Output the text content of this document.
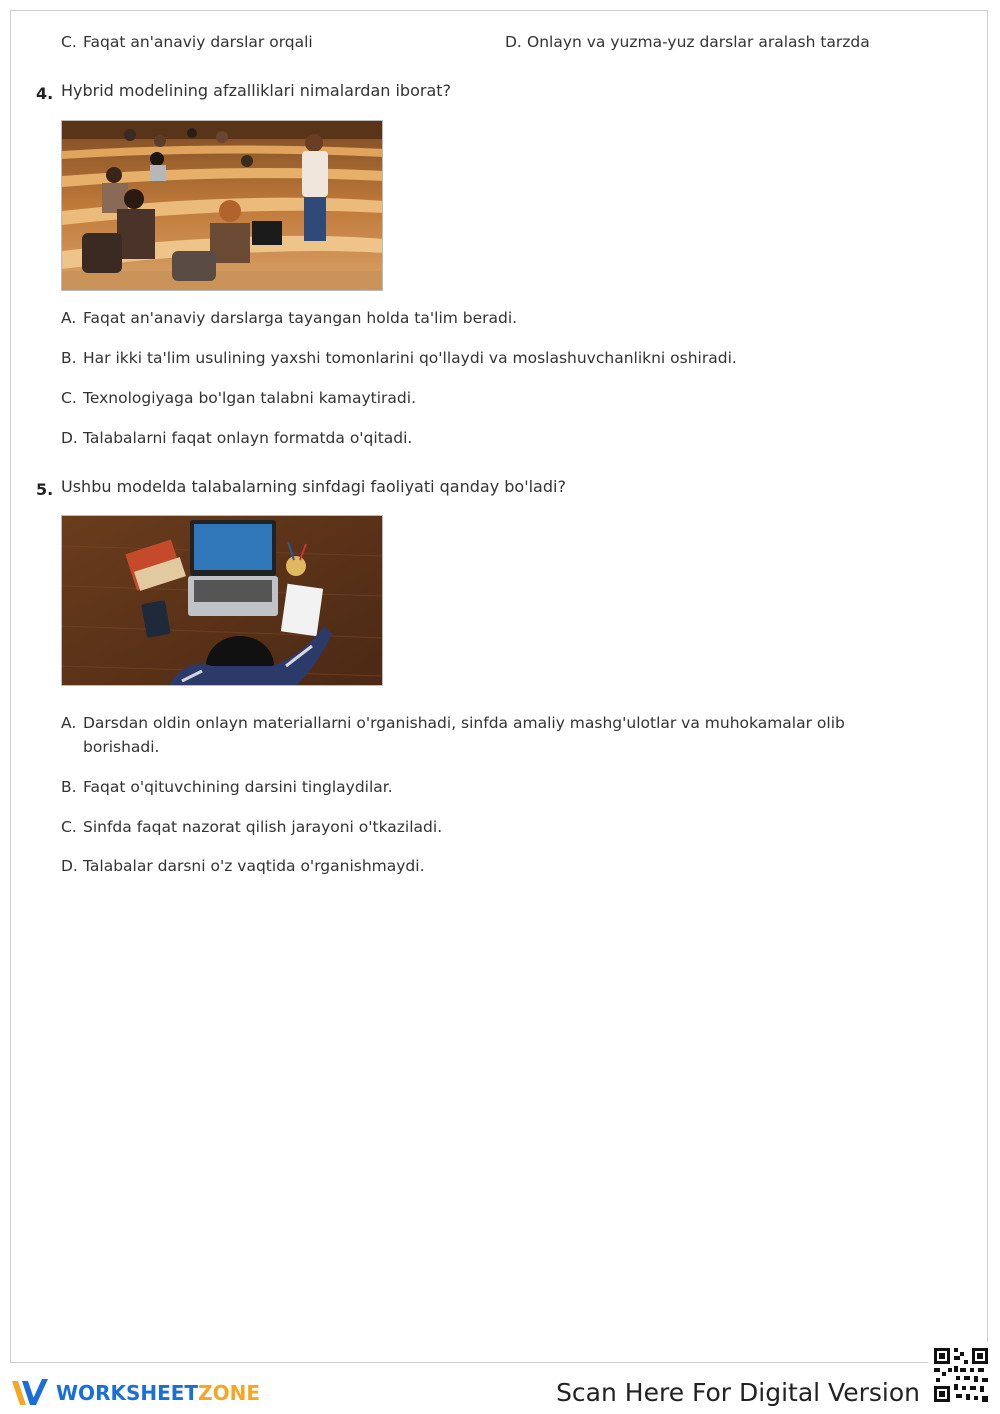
C. Faqat an'anaviy darslar orqali	D. Onlayn va yuzma-yuz darslar aralash tarzda
4. Hybrid modelining afzalliklari nimalardan iborat?
A. Faqat an'anaviy darslarga tayangan holda ta'lim beradi.
B. Har ikki ta'lim usulining yaxshi tomonlarini qo'llaydi va moslashuvchanlikni oshiradi.
C. Texnologiyaga bo'lgan talabni kamaytiradi.
D. Talabalarni faqat onlayn formatda o'qitadi.
5. Ushbu modelda talabalarning sinfdagi faoliyati qanday bo'ladi?
A. Darsdan oldin onlayn materiallarni o'rganishadi, sinfda amaliy mashg'ulotlar va muhokamalar olib borishadi.
B. Faqat o'qituvchining darsini tinglaydilar.
C. Sinfda faqat nazorat qilish jarayoni o'tkaziladi.
D. Talabalar darsni o'z vaqtida o'rganishmaydi.
WORKSHEETZONE	Scan Here For Digital Version
